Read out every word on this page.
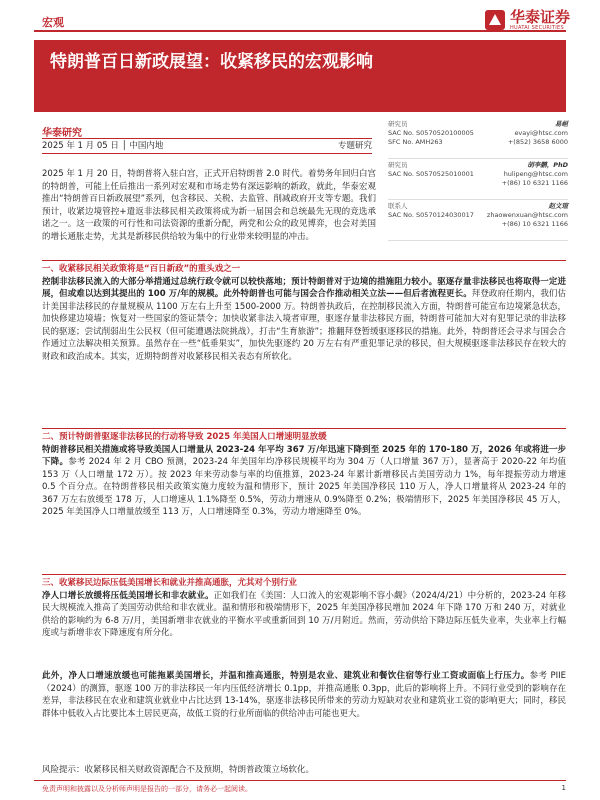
宏观	华泰证券
HUATAI SECURITIES
特朗普百日新政展望：收紧移民的宏观影响
华泰研究
2025 年 1 月 05 日 │ 中国内地	专题研究
2025 年 1 月 20 日，特朗普将入驻白宫，正式开启特朗普 2.0 时代。着势务年回归白宫的特朗普，可能上任后推出一系列对宏观和市场走势有深远影响的新政，就此，华泰宏观推出“特朗普百日新政展望”系列，包含移民、关税、去监管、削减政府开支等专题。我们预计，收紧边境管控+遣返非法移民相关政策将成为新一届国会和总统最先无现的竞选承诺之一。这一政策的可行性和司法资源的重新分配，两党和公众的政见博弈，也会对美国的增长通胀走势，尤其是新移民供给较为集中的行业带来较明显的冲击。
研究员	易峘
SAC No. S0570520100005
SFC No. AMH263
evayi@htsc.com
+(852) 3658 6000
研究员	胡李鹏，PhD
SAC No. S0570525010001	hulipeng@htsc.com
+(86) 10 6321 1166
联系人	赵文瑄
SAC No. S0570124030017 zhaowenxuan@htsc.com
+(86) 10 6321 1166
一、收紧移民相关政策将是“百日新政”的重头戏之一
控制非法移民流入的大部分举措通过总统行政令就可以较快落地；预计特朗普对于边境的措施阻力较小。驱逐存量非法移民也将取得一定进展，但或难以达到其提出的 100 万/年的规模。此外特朗普也可能与国会合作推动相关立法——但后者流程更长。拜登政府任期内，我们估计美国非法移民的存量规模从 1100 万左右上升至 1500-2000 万。特朗普执政后，在控制移民流入方面，特朗普可能宣布边境紧急状态，加快修建边境墙；恢复对一些国家的签证禁令；加快收紧非法入境者审理，驱逐存量非法移民方面，特朗普可能加大对有犯罪记录的非法移民的驱逐；尝试削弱出生公民权（但可能遭遇法院挑战），打击“生育旅游”；推翻拜登暂缓驱逐移民的措施。此外，特朗普还会寻求与国会合作通过立法解决相关预算。虽然存在一些“低垂果实”，加快先驱逐约 20 万左右有严重犯罪记录的移民，但大规模驱逐非法移民存在较大的财政和政治成本。其实，近期特朗普对收紧移民相关表态有所软化。
二、预计特朗普驱逐非法移民的行动将导致 2025 年美国人口增速明显放缓
特朗普移民相关措施或将导致美国人口增量从 2023-24 年平均 367 万/年迅速下降到至 2025 年的 170-180 万，2026 年或将进一步下降。参考 2024 年 2 月 CBO 预测，2023-24 年美国年均净移民规模平均为 304 万（人口增量 367 万），显著高于 2020-22 年均值 153 万（人口增量 172 万）。按 2023 年来劳动参与率的均值推算，2023-24 年累计新增移民占美国劳动力 1%，每年提振劳动力增速 0.5 个百分点。在特朗普移民相关政策实施力度较为温和情形下，预计 2025 年美国净移民 110 万人，净人口增量将从 2023-24 年的 367 万左右放缓至 178 万，人口增速从 1.1%降至 0.5%，劳动力增速从 0.9%降至 0.2%；极端情形下，2025 年美国净移民 45 万人，2025 年美国净人口增量放缓至 113 万，人口增速降至 0.3%，劳动力增速降至 0%。
三、收紧移民边际压低美国增长和就业并推高通胀，尤其对个别行业
净人口增长放缓将压低美国增长和非农就业。正如我们在《美国：人口流入的宏观影响不容小觑》（2024/4/21）中分析的，2023-24 年移民大规模流入推高了美国劳动供给和非农就业。温和情形和极端情形下，2025 年美国净移民增加 2024 年下降 170 万和 240 万，对就业供给的影响约为 6-8 万/月，美国新增非农就业的平衡水平或重新回到 10 万/月附近。然而，劳动供给下降边际压低失业率，失业率上行幅度或与新增非农下降速度有所分化。
此外，净人口增速放缓也可能拖累美国增长，并温和推高通胀，特别是农业、建筑业和餐饮住宿等行业工资或面临上行压力。参考 PIIE（2024）的测算，驱逐 100 万的非法移民一年内压低经济增长 0.1pp，并推高通胀 0.3pp，此后的影响将上升。不同行业受到的影响存在差异，非法移民在农业和建筑业就业中占比达到 13-14%，驱逐非法移民所带来的劳动力短缺对农业和建筑业工资的影响更大；同时，移民群体中低收入占比要比本土居民更高，故低工资的行业所面临的供给冲击可能也更大。
风险提示：收紧移民相关财政资源配合不及预期，特朗普政策立场软化。
免责声明和披露以及分析师声明是报告的一部分，请务必一起阅读。	1
